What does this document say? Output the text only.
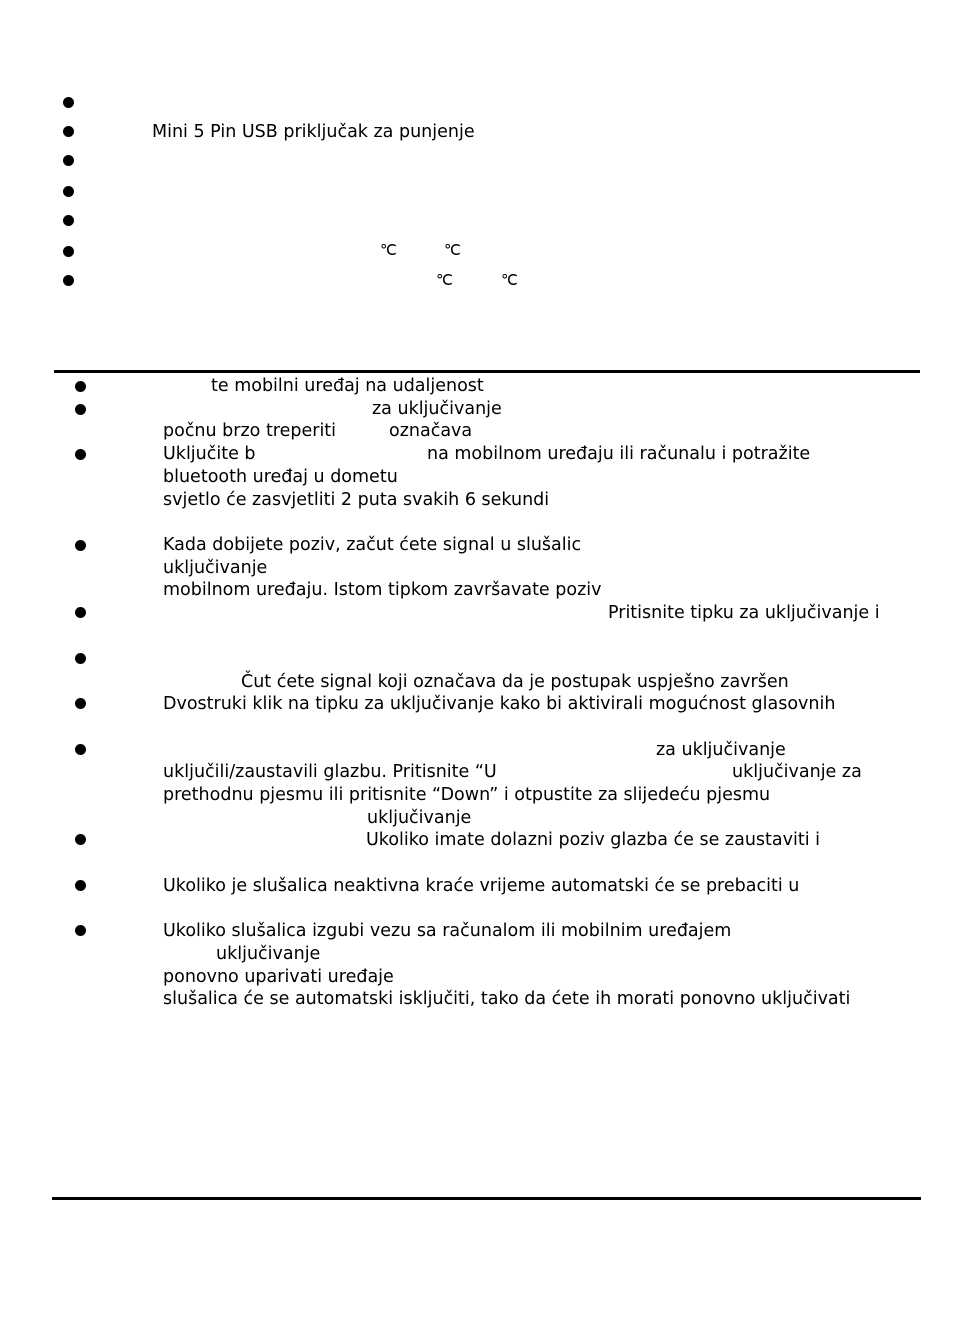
Mini 5 Pin USB priključak za punjenje
℃	℃
℃	℃
te mobilni uređaj na udaljenost
za uključivanje
počnu brzo treperiti	označava
Uključite b	na mobilnom uređaju ili računalu i potražite
bluetooth uređaj u dometu
svjetlo će zasvjetliti 2 puta svakih 6 sekundi
Kada dobijete poziv, začut ćete signal u slušalic
uključivanje
mobilnom uređaju. Istom tipkom završavate poziv
Pritisnite tipku za uključivanje i
Čut ćete signal koji označava da je postupak uspješno završen
Dvostruki klik na tipku za uključivanje kako bi aktivirali mogućnost glasovnih
za uključivanje
uključili/zaustavili glazbu. Pritisnite “U	uključivanje za
prethodnu pjesmu ili pritisnite “Down” i otpustite za slijedeću pjesmu
uključivanje
Ukoliko imate dolazni poziv glazba će se zaustaviti i
Ukoliko je slušalica neaktivna kraće vrijeme automatski će se prebaciti u
Ukoliko slušalica izgubi vezu sa računalom ili mobilnim uređajem
uključivanje
ponovno uparivati uređaje
slušalica će se automatski isključiti, tako da ćete ih morati ponovno uključivati
